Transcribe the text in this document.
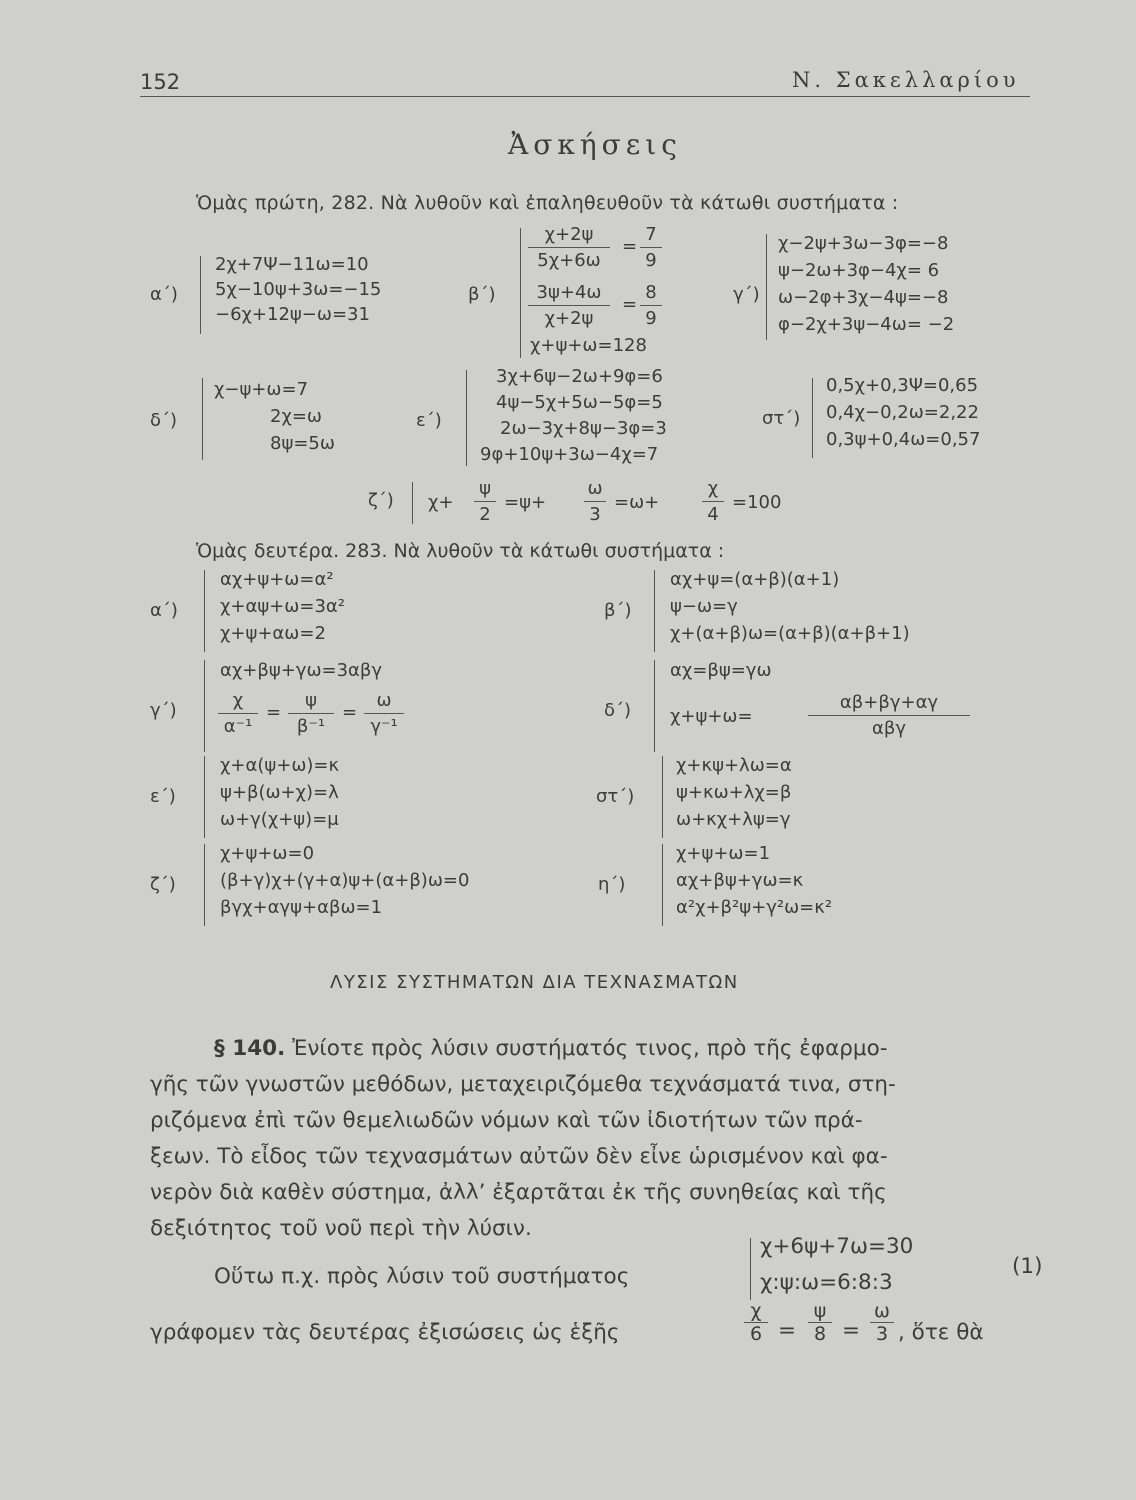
152	Ν. Σακελλαρίου
Ἀσκήσεις
Ὁμὰς πρώτη, 282. Νὰ λυθοῦν καὶ ἐπαληθευθοῦν τὰ κάτωθι συστήματα :
α΄)
2χ+7Ψ−11ω=10
5χ−10ψ+3ω=−15
−6χ+12ψ−ω=31
β΄)
$\frac{\chi+2\psi}{5\chi+6\omega} = \frac{7}{9}$
$\frac{3\psi+4\omega}{\chi+2\psi} = \frac{8}{9}$
χ+ψ+ω=128
γ΄)
χ−2ψ+3ω−3φ=−8
ψ−2ω+3φ−4χ= 6
ω−2φ+3χ−4ψ=−8
φ−2χ+3ψ−4ω= −2
δ΄)
χ−ψ+ω=7
2χ=ω
8ψ=5ω
ε΄)
3χ+6ψ−2ω+9φ=6
4ψ−5χ+5ω−5φ=5
2ω−3χ+8ψ−3φ=3
9φ+10ψ+3ω−4χ=7
στ΄)
0,5χ+0,3Ψ=0,65
0,4χ−0,2ω=2,22
0,3ψ+0,4ω=0,57
ζ΄) $\chi+ \frac{\psi}{2} =\psi+ \frac{\omega}{3} =\omega+ \frac{\chi}{4} =100$
Ὁμὰς δευτέρα. 283. Νὰ λυθοῦν τὰ κάτωθι συστήματα :
α΄)
αχ+ψ+ω=α²
χ+αψ+ω=3α²
χ+ψ+αω=2
β΄)
αχ+ψ=(α+β)(α+1)
ψ−ω=γ
χ+(α+β)ω=(α+β)(α+β+1)
γ΄)
αχ+βψ+γω=3αβγ
$\frac{\chi}{\text{α⁻¹}} = \frac{\psi}{\text{β⁻¹}} = \frac{\omega}{\text{γ⁻¹}}$	δ΄)
αχ=βψ=γω
χ+ψ+ω=
αβ+βγ+αγ
αβγ
ε΄)
χ+α(ψ+ω)=κ
ψ+β(ω+χ)=λ
ω+γ(χ+ψ)=μ
στ΄)
χ+κψ+λω=α
ψ+κω+λχ=β
ω+κχ+λψ=γ
ζ΄)
χ+ψ+ω=0
(β+γ)χ+(γ+α)ψ+(α+β)ω=0
βγχ+αγψ+αβω=1
η΄)
χ+ψ+ω=1
αχ+βψ+γω=κ
α²χ+β²ψ+γ²ω=κ²
ΛΥΣΙΣ ΣΥΣΤΗΜΑΤΩΝ ΔΙΑ ΤΕΧΝΑΣΜΑΤΩΝ
§ 140. Ἐνίοτε πρὸς λύσιν συστήματός τινος, πρὸ τῆς ἐφαρμο-
γῆς τῶν γνωστῶν μεθόδων, μεταχειριζόμεθα τεχνάσματά τινα, στη-
ριζόμενα ἐπὶ τῶν θεμελιωδῶν νόμων καὶ τῶν ἰδιοτήτων τῶν πρά-
ξεων. Τὸ εἶδος τῶν τεχνασμάτων αὐτῶν δὲν εἶνε ὡρισμένον καὶ φα-
νερὸν διὰ καθὲν σύστημα, ἀλλ’ ἐξαρτᾶται ἐκ τῆς συνηθείας καὶ τῆς
δεξιότητος τοῦ νοῦ περὶ τὴν λύσιν.
Οὕτω π.χ. πρὸς λύσιν τοῦ συστήματος
χ+6ψ+7ω=30
χ:ψ:ω=6:8:3
(1)
γράφομεν τὰς δευτέρας ἐξισώσεις ὡς ἑξῆς	$\frac{\chi}{6} = \frac{\psi}{8} = \frac{\omega}{3}$ , ὅτε θὰ
